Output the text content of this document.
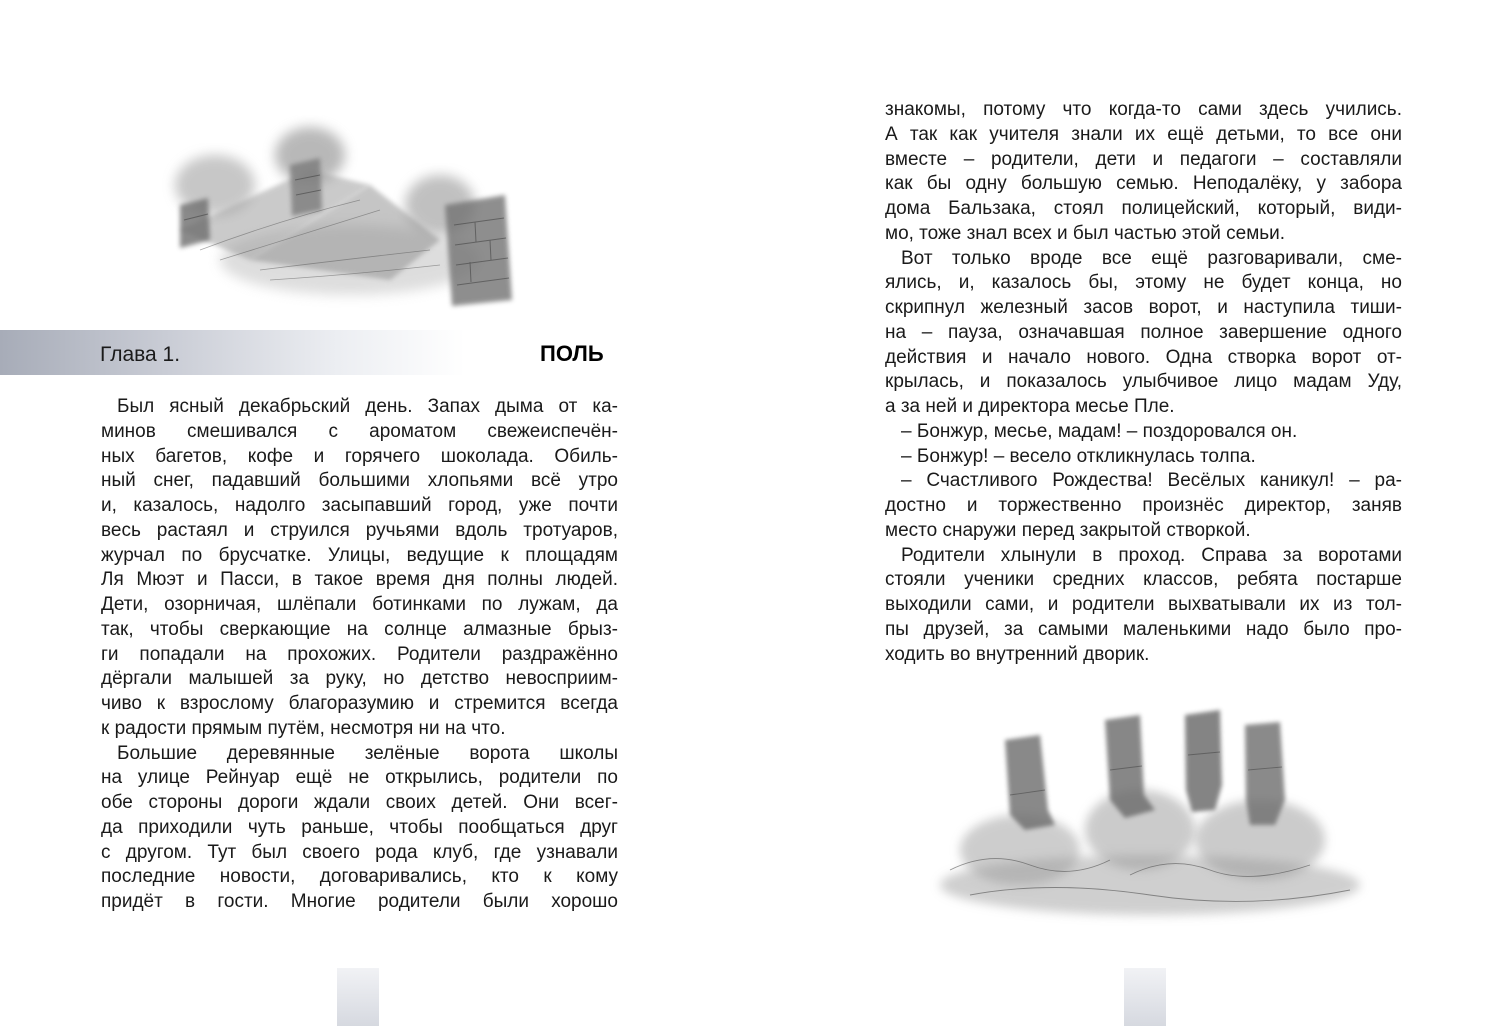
Глава 1.	ПОЛЬ
Был ясный декабрьский день. Запах дыма от ка-
минов смешивался с ароматом свежеиспечён-
ных багетов, кофе и горячего шоколада. Обиль-
ный снег, падавший большими хлопьями всё утро
и, казалось, надолго засыпавший город, уже почти
весь растаял и струился ручьями вдоль тротуаров,
журчал по брусчатке. Улицы, ведущие к площадям
Ля Мюэт и Пасси, в такое время дня полны людей.
Дети, озорничая, шлёпали ботинками по лужам, да
так, чтобы сверкающие на солнце алмазные брыз-
ги попадали на прохожих. Родители раздражённо
дёргали малышей за руку, но детство невосприим-
чиво к взрослому благоразумию и стремится всегда
к радости прямым путём, несмотря ни на что.
Большие деревянные зелёные ворота школы
на улице Рейнуар ещё не открылись, родители по
обе стороны дороги ждали своих детей. Они всег-
да приходили чуть раньше, чтобы пообщаться друг
с другом. Тут был своего рода клуб, где узнавали
последние новости, договаривались, кто к кому
придёт в гости. Многие родители были хорошо
знакомы, потому что когда-то сами здесь учились.
А так как учителя знали их ещё детьми, то все они
вместе – родители, дети и педагоги – составляли
как бы одну большую семью. Неподалёку, у забора
дома Бальзака, стоял полицейский, который, види-
мо, тоже знал всех и был частью этой семьи.
Вот только вроде все ещё разговаривали, сме-
ялись, и, казалось бы, этому не будет конца, но
скрипнул железный засов ворот, и наступила тиши-
на – пауза, означавшая полное завершение одного
действия и начало нового. Одна створка ворот от-
крылась, и показалось улыбчивое лицо мадам Уду,
а за ней и директора месье Пле.
– Бонжур, месье, мадам! – поздоровался он.
– Бонжур! – весело откликнулась толпа.
– Счастливого Рождества! Весёлых каникул! – ра-
достно и торжественно произнёс директор, заняв
место снаружи перед закрытой створкой.
Родители хлынули в проход. Справа за воротами
стояли ученики средних классов, ребята постарше
выходили сами, и родители выхватывали их из тол-
пы друзей, за самыми маленькими надо было про-
ходить во внутренний дворик.
